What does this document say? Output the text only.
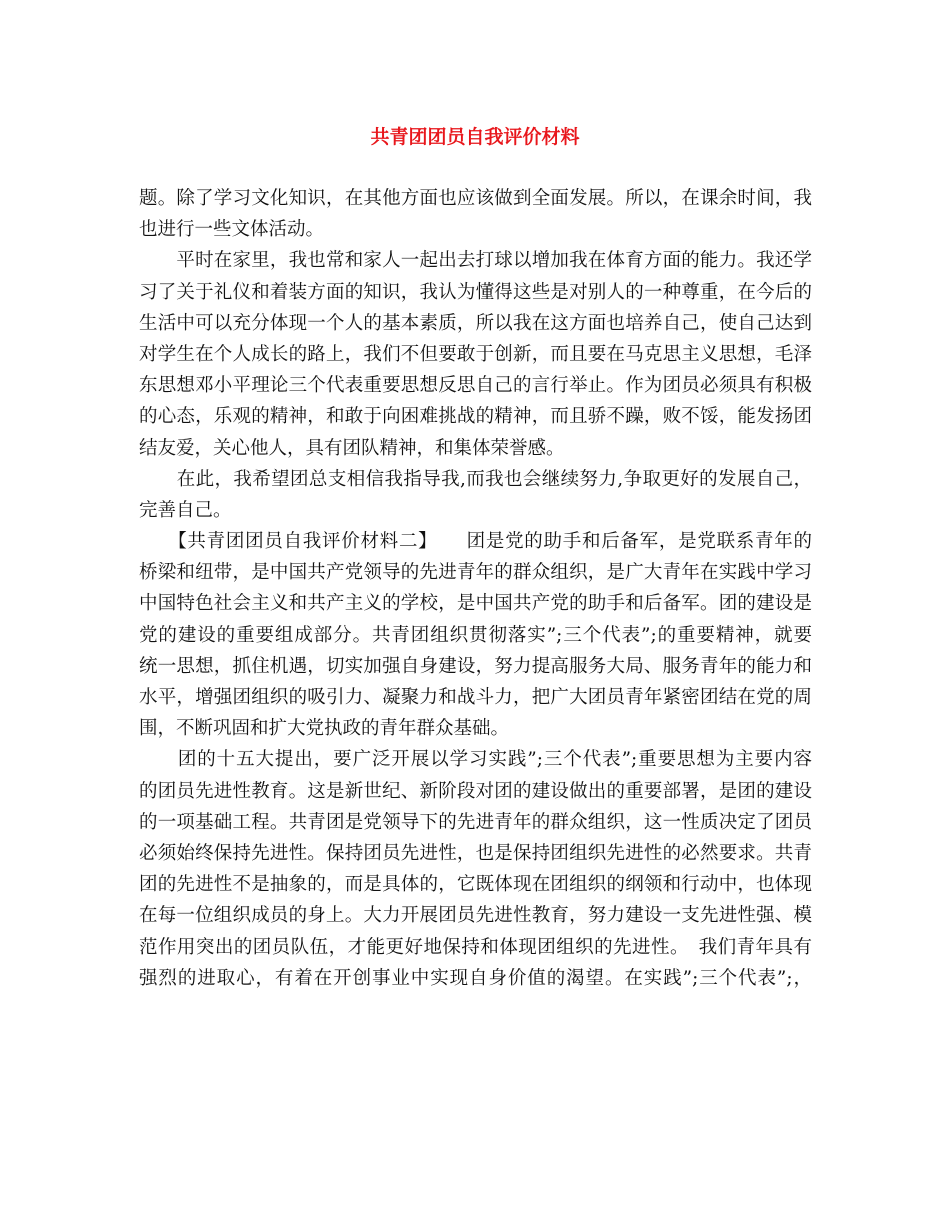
共青团团员自我评价材料
题。除了学习文化知识，在其他方面也应该做到全面发展。所以，在课余时间，我
也进行一些文体活动。
　　平时在家里，我也常和家人一起出去打球以增加我在体育方面的能力。我还学
习了关于礼仪和着装方面的知识，我认为懂得这些是对别人的一种尊重，在今后的
生活中可以充分体现一个人的基本素质，所以我在这方面也培养自己，使自己达到
对学生在个人成长的路上，我们不但要敢于创新，而且要在马克思主义思想，毛泽
东思想邓小平理论三个代表重要思想反思自己的言行举止。作为团员必须具有积极
的心态，乐观的精神，和敢于向困难挑战的精神，而且骄不躁，败不馁，能发扬团
结友爱，关心他人，具有团队精神，和集体荣誉感。
　　在此，我希望团总支相信我指导我,而我也会继续努力,争取更好的发展自己，
完善自己。
　　【共青团团员自我评价材料二】　　团是党的助手和后备军，是党联系青年的
桥梁和纽带，是中国共产党领导的先进青年的群众组织，是广大青年在实践中学习
中国特色社会主义和共产主义的学校，是中国共产党的助手和后备军。团的建设是
党的建设的重要组成部分。共青团组织贯彻落实”;三个代表”;的重要精神，就要
统一思想，抓住机遇，切实加强自身建设，努力提高服务大局、服务青年的能力和
水平，增强团组织的吸引力、凝聚力和战斗力，把广大团员青年紧密团结在党的周
围，不断巩固和扩大党执政的青年群众基础。
　　团的十五大提出，要广泛开展以学习实践”;三个代表”;重要思想为主要内容
的团员先进性教育。这是新世纪、新阶段对团的建设做出的重要部署，是团的建设
的一项基础工程。共青团是党领导下的先进青年的群众组织，这一性质决定了团员
必须始终保持先进性。保持团员先进性，也是保持团组织先进性的必然要求。共青
团的先进性不是抽象的，而是具体的，它既体现在团组织的纲领和行动中，也体现
在每一位组织成员的身上。大力开展团员先进性教育，努力建设一支先进性强、模
范作用突出的团员队伍，才能更好地保持和体现团组织的先进性。　我们青年具有
强烈的进取心，有着在开创事业中实现自身价值的渴望。在实践”;三个代表”;，
